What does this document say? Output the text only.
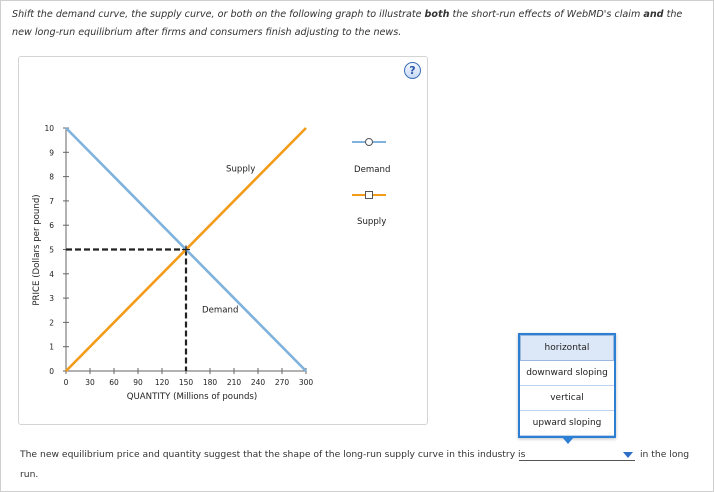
Shift the demand curve, the supply curve, or both on the following graph to illustrate both the short-run effects of WebMD's claim and the new long-run equilibrium after firms and consumers finish adjusting to the news.
?
0
1
2
3
4
5
6
7
8
9
10
0 30 60 90 120 150 180 210 240 270 300
QUANTITY (Millions of pounds)
Supply
Demand
PRICE (Dollars per pound)
Demand
Supply
horizontal
downward sloping
vertical
upward sloping
The new equilibrium price and quantity suggest that the shape of the long-run supply curve in this industry is	in the long
run.
